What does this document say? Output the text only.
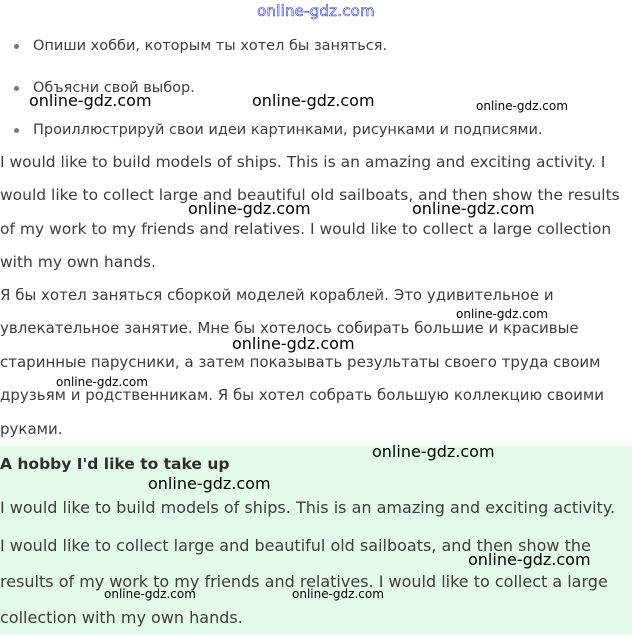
online-gdz.com
Опиши хобби, которым ты хотел бы заняться.
Объясни свой выбор.
Проиллюстрируй свои идеи картинками, рисунками и подписями.

I would like to build models of ships. This is an amazing and exciting activity. I would like to collect large and beautiful old sailboats, and then show the results of my work to my friends and relatives. I would like to collect a large collection with my own hands.

Я бы хотел заняться сборкой моделей кораблей. Это удивительное и увлекательное занятие. Мне бы хотелось собирать большие и красивые старинные парусники, а затем показывать результаты своего труда своим друзьям и родственникам. Я бы хотел собрать большую коллекцию своими руками.

A hobby I'd like to take up

I would like to build models of ships. This is an amazing and exciting activity.

I would like to collect large and beautiful old sailboats, and then show the results of my work to my friends and relatives. I would like to collect a large collection with my own hands.

online-gdz.com	online-gdz.com	online-gdz.com
online-gdz.com	online-gdz.com
online-gdz.com
online-gdz.com
online-gdz.com
online-gdz.com
online-gdz.com
online-gdz.com
online-gdz.com	online-gdz.com
